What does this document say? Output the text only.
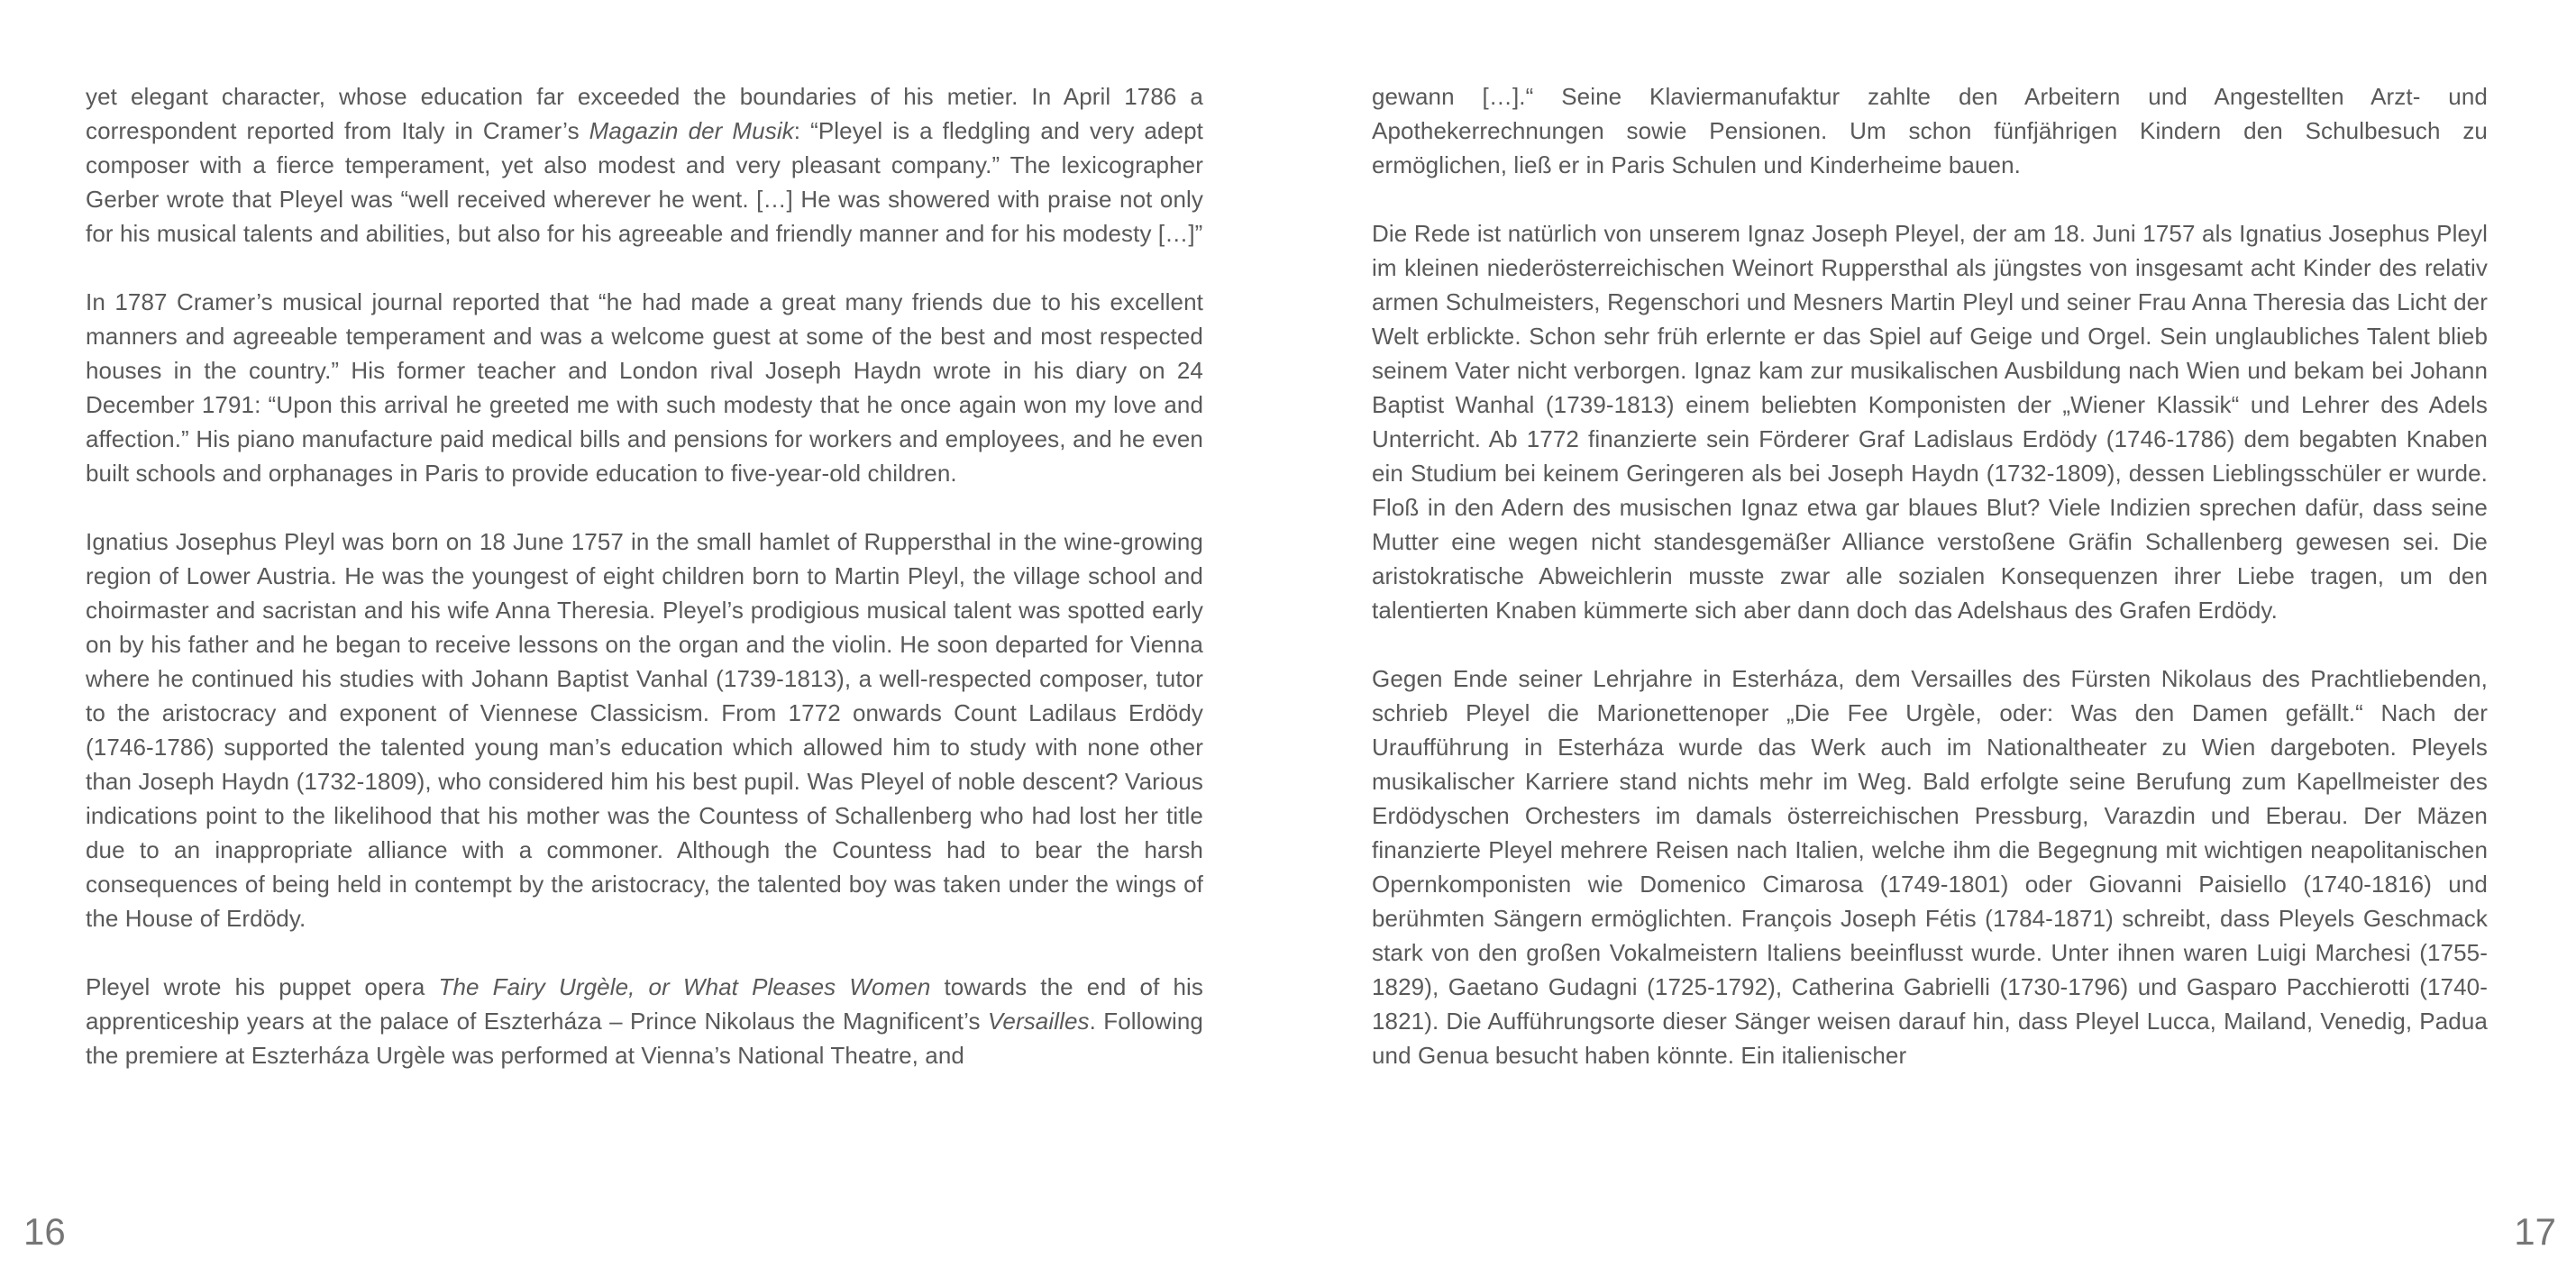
yet elegant character, whose education far exceeded the boundaries of his metier. In April 1786 a correspondent reported from Italy in Cramer’s Magazin der Musik: “Pleyel is a fledgling and very adept composer with a fierce temperament, yet also modest and very pleasant company.” The lexicographer Gerber wrote that Pleyel was “well received wherever he went. […] He was showered with praise not only for his musical talents and abilities, but also for his agreeable and friendly manner and for his modesty […]”

In 1787 Cramer’s musical journal reported that “he had made a great many friends due to his excellent manners and agreeable temperament and was a welcome guest at some of the best and most respected houses in the country.” His former teacher and London rival Joseph Haydn wrote in his diary on 24 December 1791: “Upon this arrival he greeted me with such modesty that he once again won my love and affection.” His piano manufacture paid medical bills and pensions for workers and employees, and he even built schools and orphanages in Paris to provide education to five-year-old children.

Ignatius Josephus Pleyl was born on 18 June 1757 in the small hamlet of Ruppersthal in the wine-growing region of Lower Austria. He was the youngest of eight children born to Martin Pleyl, the village school and choirmaster and sacristan and his wife Anna Theresia. Pleyel’s prodigious musical talent was spotted early on by his father and he began to receive lessons on the organ and the violin. He soon departed for Vienna where he continued his studies with Johann Baptist Vanhal (1739-1813), a well-respected composer, tutor to the aristocracy and exponent of Viennese Classicism. From 1772 onwards Count Ladilaus Erdödy (1746-1786) supported the talented young man’s education which allowed him to study with none other than Joseph Haydn (1732-1809), who considered him his best pupil. Was Pleyel of noble descent? Various indications point to the likelihood that his mother was the Countess of Schallenberg who had lost her title due to an inappropriate alliance with a commoner. Although the Countess had to bear the harsh consequences of being held in contempt by the aristocracy, the talented boy was taken under the wings of the House of Erdödy.

Pleyel wrote his puppet opera The Fairy Urgèle, or What Pleases Women towards the end of his apprenticeship years at the palace of Eszterháza – Prince Nikolaus the Magnificent’s Versailles. Following the premiere at Eszterháza Urgèle was performed at Vienna’s National Theatre, and

16

gewann […].“ Seine Klaviermanufaktur zahlte den Arbeitern und Angestellten Arzt- und Apothekerrechnungen sowie Pensionen. Um schon fünfjährigen Kindern den Schulbesuch zu ermöglichen, ließ er in Paris Schulen und Kinderheime bauen.

Die Rede ist natürlich von unserem Ignaz Joseph Pleyel, der am 18. Juni 1757 als Ignatius Josephus Pleyl im kleinen niederösterreichischen Weinort Ruppersthal als jüngstes von insgesamt acht Kinder des relativ armen Schulmeisters, Regenschori und Mesners Martin Pleyl und seiner Frau Anna Theresia das Licht der Welt erblickte. Schon sehr früh erlernte er das Spiel auf Geige und Orgel. Sein unglaubliches Talent blieb seinem Vater nicht verborgen. Ignaz kam zur musikalischen Ausbildung nach Wien und bekam bei Johann Baptist Wanhal (1739-1813) einem beliebten Komponisten der „Wiener Klassik“ und Lehrer des Adels Unterricht. Ab 1772 finanzierte sein Förderer Graf Ladislaus Erdödy (1746-1786) dem begabten Knaben ein Studium bei keinem Geringeren als bei Joseph Haydn (1732-1809), dessen Lieblingsschüler er wurde. Floß in den Adern des musischen Ignaz etwa gar blaues Blut? Viele Indizien sprechen dafür, dass seine Mutter eine wegen nicht standesgemäßer Alliance verstoßene Gräfin Schallenberg gewesen sei. Die aristokratische Abweichlerin musste zwar alle sozialen Konsequenzen ihrer Liebe tragen, um den talentierten Knaben kümmerte sich aber dann doch das Adelshaus des Grafen Erdödy.

Gegen Ende seiner Lehrjahre in Esterháza, dem Versailles des Fürsten Nikolaus des Prachtliebenden, schrieb Pleyel die Marionettenoper „Die Fee Urgèle, oder: Was den Damen gefällt.“ Nach der Uraufführung in Esterháza wurde das Werk auch im Nationaltheater zu Wien dargeboten. Pleyels musikalischer Karriere stand nichts mehr im Weg. Bald erfolgte seine Berufung zum Kapellmeister des Erdödyschen Orchesters im damals österreichischen Pressburg, Varazdin und Eberau. Der Mäzen finanzierte Pleyel mehrere Reisen nach Italien, welche ihm die Begegnung mit wichtigen neapolitanischen Opernkomponisten wie Domenico Cimarosa (1749-1801) oder Giovanni Paisiello (1740-1816) und berühmten Sängern ermöglichten. François Joseph Fétis (1784-1871) schreibt, dass Pleyels Geschmack stark von den großen Vokalmeistern Italiens beeinflusst wurde. Unter ihnen waren Luigi Marchesi (1755-1829), Gaetano Gudagni (1725-1792), Catherina Gabrielli (1730-1796) und Gasparo Pacchierotti (1740-1821). Die Aufführungsorte dieser Sänger weisen darauf hin, dass Pleyel Lucca, Mailand, Venedig, Padua und Genua besucht haben könnte. Ein italienischer

17
